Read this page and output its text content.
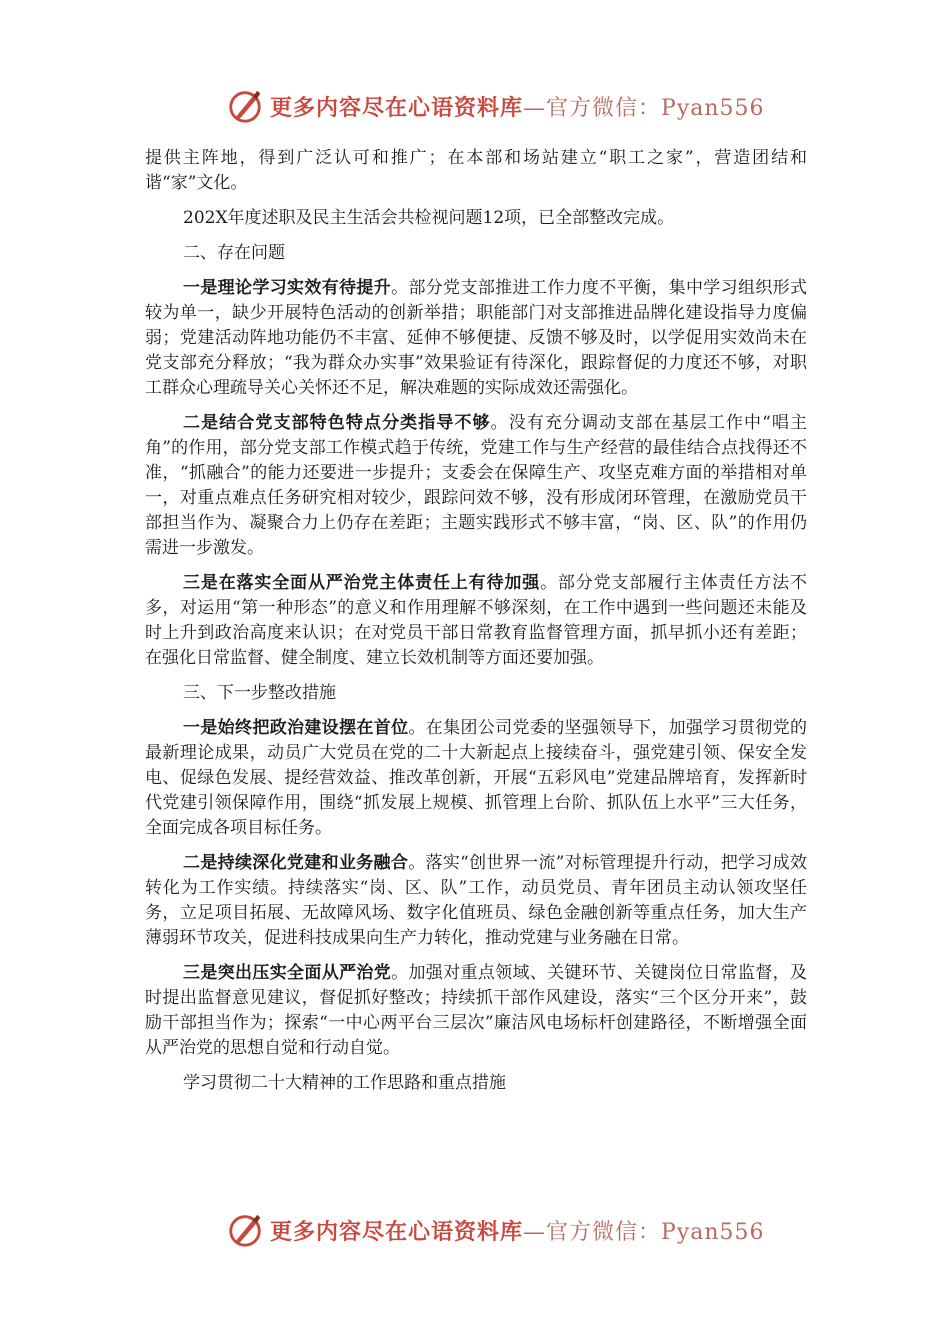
更多内容尽在心语资料库—官方微信：Pyan556

提供主阵地，得到广泛认可和推广；在本部和场站建立“职工之家”，营造团结和谐“家”文化。

202X年度述职及民主生活会共检视问题12项，已全部整改完成。

二、存在问题

一是理论学习实效有待提升。部分党支部推进工作力度不平衡，集中学习组织形式较为单一，缺少开展特色活动的创新举措；职能部门对支部推进品牌化建设指导力度偏弱；党建活动阵地功能仍不丰富、延伸不够便捷、反馈不够及时，以学促用实效尚未在党支部充分释放；“我为群众办实事”效果验证有待深化，跟踪督促的力度还不够，对职工群众心理疏导关心关怀还不足，解决难题的实际成效还需强化。

二是结合党支部特色特点分类指导不够。没有充分调动支部在基层工作中“唱主角”的作用，部分党支部工作模式趋于传统，党建工作与生产经营的最佳结合点找得还不准，“抓融合”的能力还要进一步提升；支委会在保障生产、攻坚克难方面的举措相对单一，对重点难点任务研究相对较少，跟踪问效不够，没有形成闭环管理，在激励党员干部担当作为、凝聚合力上仍存在差距；主题实践形式不够丰富，“岗、区、队”的作用仍需进一步激发。

三是在落实全面从严治党主体责任上有待加强。部分党支部履行主体责任方法不多，对运用“第一种形态”的意义和作用理解不够深刻，在工作中遇到一些问题还未能及时上升到政治高度来认识；在对党员干部日常教育监督管理方面，抓早抓小还有差距；在强化日常监督、健全制度、建立长效机制等方面还要加强。

三、下一步整改措施

一是始终把政治建设摆在首位。在集团公司党委的坚强领导下，加强学习贯彻党的最新理论成果，动员广大党员在党的二十大新起点上接续奋斗，强党建引领、保安全发电、促绿色发展、提经营效益、推改革创新，开展“五彩风电”党建品牌培育，发挥新时代党建引领保障作用，围绕“抓发展上规模、抓管理上台阶、抓队伍上水平”三大任务，全面完成各项目标任务。

二是持续深化党建和业务融合。落实“创世界一流”对标管理提升行动，把学习成效转化为工作实绩。持续落实“岗、区、队”工作，动员党员、青年团员主动认领攻坚任务，立足项目拓展、无故障风场、数字化值班员、绿色金融创新等重点任务，加大生产薄弱环节攻关，促进科技成果向生产力转化，推动党建与业务融在日常。

三是突出压实全面从严治党。加强对重点领域、关键环节、关键岗位日常监督，及时提出监督意见建议，督促抓好整改；持续抓干部作风建设，落实“三个区分开来”，鼓励干部担当作为；探索“一中心两平台三层次”廉洁风电场标杆创建路径，不断增强全面从严治党的思想自觉和行动自觉。

学习贯彻二十大精神的工作思路和重点措施

更多内容尽在心语资料库—官方微信：Pyan556
